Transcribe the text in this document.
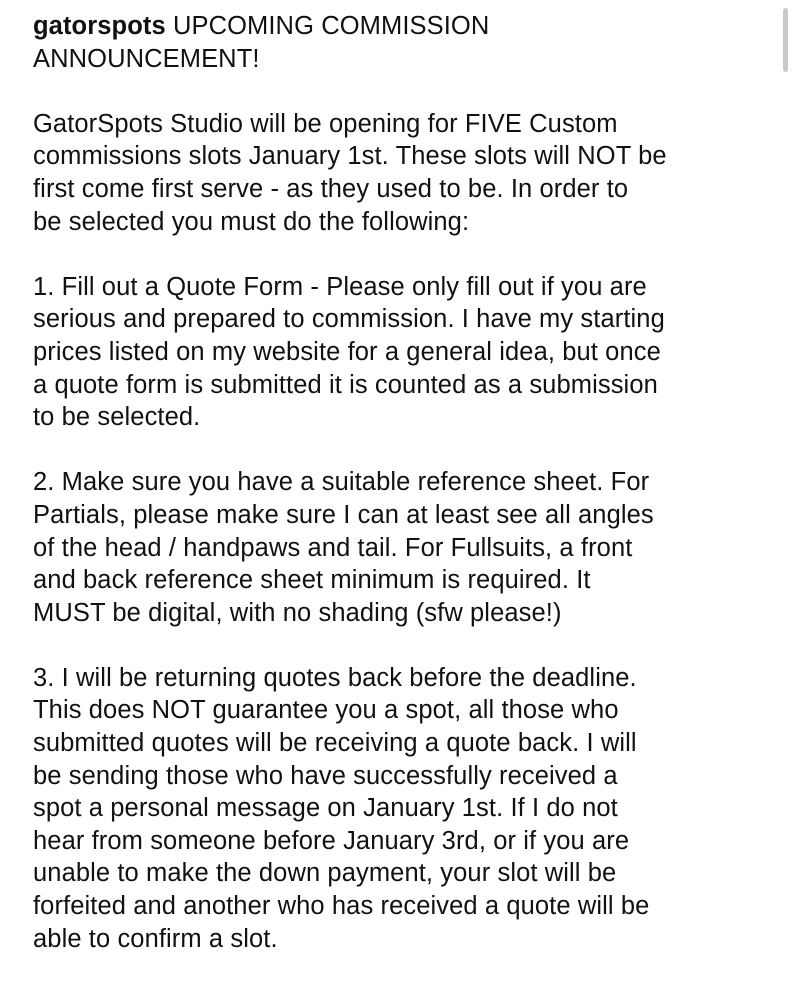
gatorspots UPCOMING COMMISSION
ANNOUNCEMENT!
GatorSpots Studio will be opening for FIVE Custom
commissions slots January 1st. These slots will NOT be
first come first serve - as they used to be. In order to
be selected you must do the following:
1. Fill out a Quote Form - Please only fill out if you are
serious and prepared to commission. I have my starting
prices listed on my website for a general idea, but once
a quote form is submitted it is counted as a submission
to be selected.
2. Make sure you have a suitable reference sheet. For
Partials, please make sure I can at least see all angles
of the head / handpaws and tail. For Fullsuits, a front
and back reference sheet minimum is required. It
MUST be digital, with no shading (sfw please!)
3. I will be returning quotes back before the deadline.
This does NOT guarantee you a spot, all those who
submitted quotes will be receiving a quote back. I will
be sending those who have successfully received a
spot a personal message on January 1st. If I do not
hear from someone before January 3rd, or if you are
unable to make the down payment, your slot will be
forfeited and another who has received a quote will be
able to confirm a slot.
